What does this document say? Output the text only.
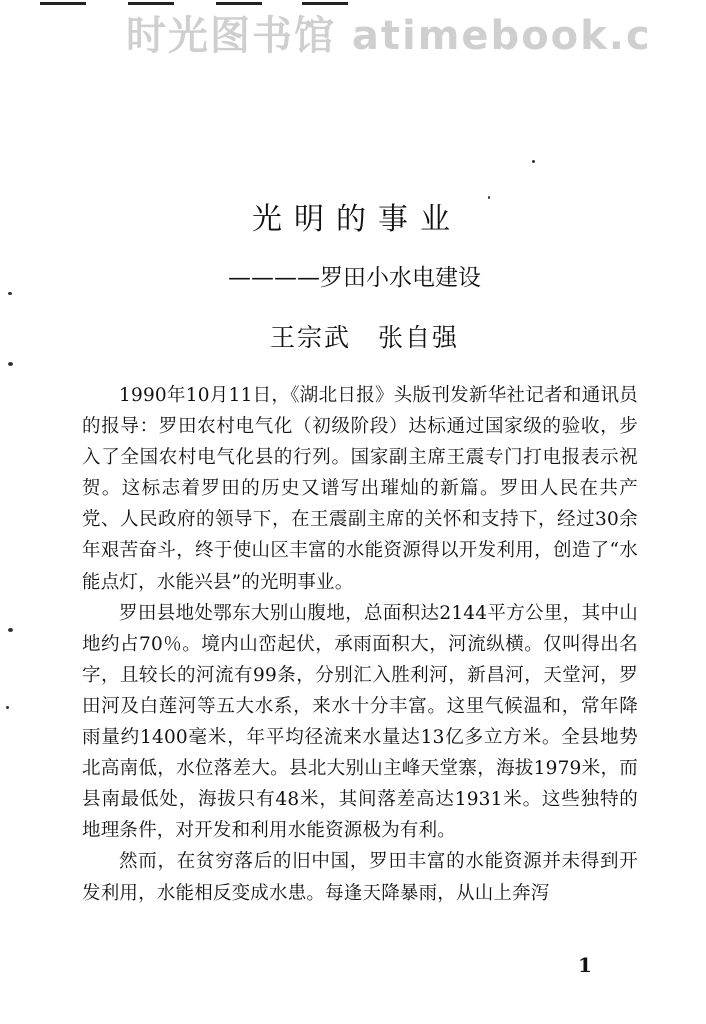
时光图书馆 atimebook.c
光明的事业
————罗田小水电建设
王宗武　张自强

1990年10月11日，《湖北日报》头版刊发新华社记者和通讯员的报导：罗田农村电气化（初级阶段）达标通过国家级的验收，步入了全国农村电气化县的行列。国家副主席王震专门打电报表示祝贺。这标志着罗田的历史又谱写出璀灿的新篇。罗田人民在共产党、人民政府的领导下，在王震副主席的关怀和支持下，经过30余年艰苦奋斗，终于使山区丰富的水能资源得以开发利用，创造了“水能点灯，水能兴县”的光明事业。

罗田县地处鄂东大别山腹地，总面积达2144平方公里，其中山地约占70％。境内山峦起伏，承雨面积大，河流纵横。仅叫得出名字，且较长的河流有99条，分别汇入胜利河，新昌河，天堂河，罗田河及白莲河等五大水系，来水十分丰富。这里气候温和，常年降雨量约1400毫米，年平均径流来水量达13亿多立方米。全县地势北高南低，水位落差大。县北大别山主峰天堂寨，海拔1979米，而县南最低处，海拔只有48米，其间落差高达1931米。这些独特的地理条件，对开发和利用水能资源极为有利。

然而，在贫穷落后的旧中国，罗田丰富的水能资源并未得到开发利用，水能相反变成水患。每逢天降暴雨，从山上奔泻

1
